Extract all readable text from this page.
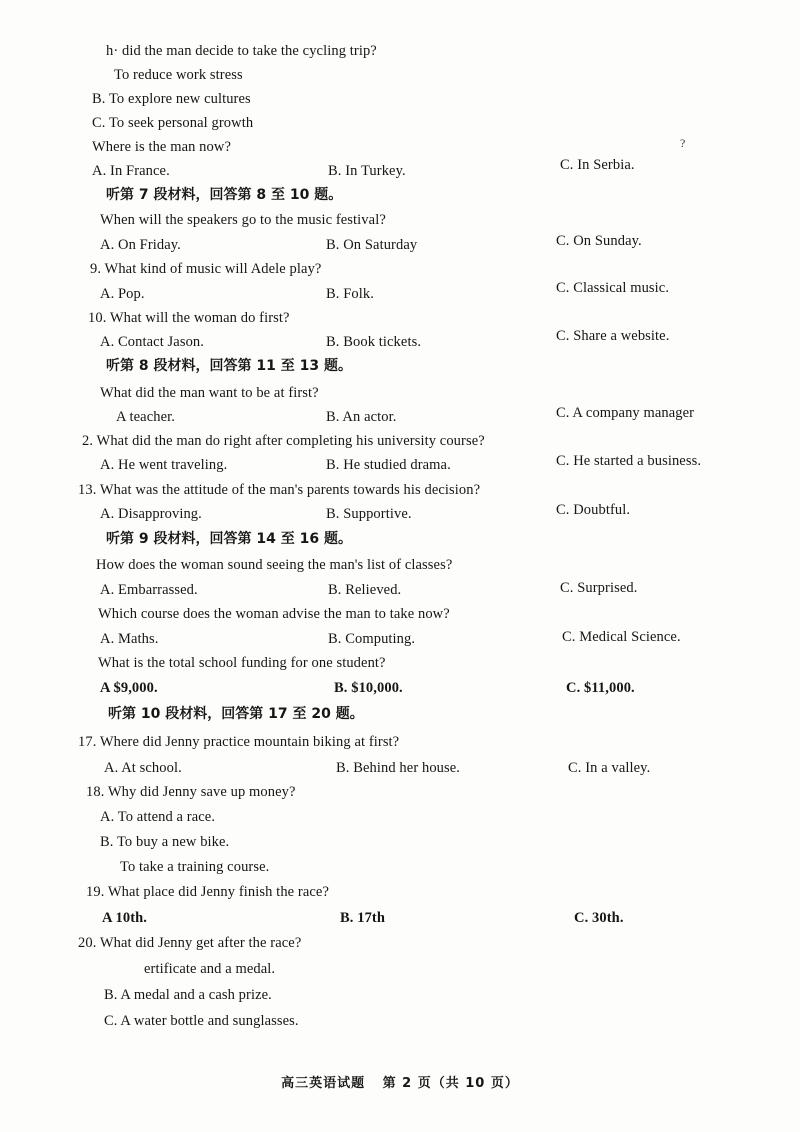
h· did the man decide to take the cycling trip?
To reduce work stress
B. To explore new cultures
C. To seek personal growth
?
Where is the man now?
A. In France.	B. In Turkey.	C. In Serbia.
听第 7 段材料，回答第 8 至 10 题。
When will the speakers go to the music festival?
A. On Friday.	B. On Saturday	C. On Sunday.
9. What kind of music will Adele play?
A. Pop.	B. Folk.	C. Classical music.
10. What will the woman do first?
A. Contact Jason.	B. Book tickets.	C. Share a website.
听第 8 段材料，回答第 11 至 13 题。
What did the man want to be at first?
A teacher.	B. An actor.	C. A company manager
2. What did the man do right after completing his university course?
A. He went traveling.	B. He studied drama.	C. He started a business.
13. What was the attitude of the man's parents towards his decision?
A. Disapproving.	B. Supportive.	C. Doubtful.
听第 9 段材料，回答第 14 至 16 题。
How does the woman sound seeing the man's list of classes?
A. Embarrassed.	B. Relieved.	C. Surprised.
Which course does the woman advise the man to take now?
A. Maths.	B. Computing.	C. Medical Science.
What is the total school funding for one student?
A $9,000.	B. $10,000.	C. $11,000.
听第 10 段材料，回答第 17 至 20 题。
17. Where did Jenny practice mountain biking at first?
A. At school.	B. Behind her house.	C. In a valley.
18. Why did Jenny save up money?
A. To attend a race.
B. To buy a new bike.
To take a training course.
19. What place did Jenny finish the race?
A 10th.	B. 17th	C. 30th.
20. What did Jenny get after the race?
ertificate and a medal.
B. A medal and a cash prize.
C. A water bottle and sunglasses.
高三英语试题 第 2 页（共 10 页）
